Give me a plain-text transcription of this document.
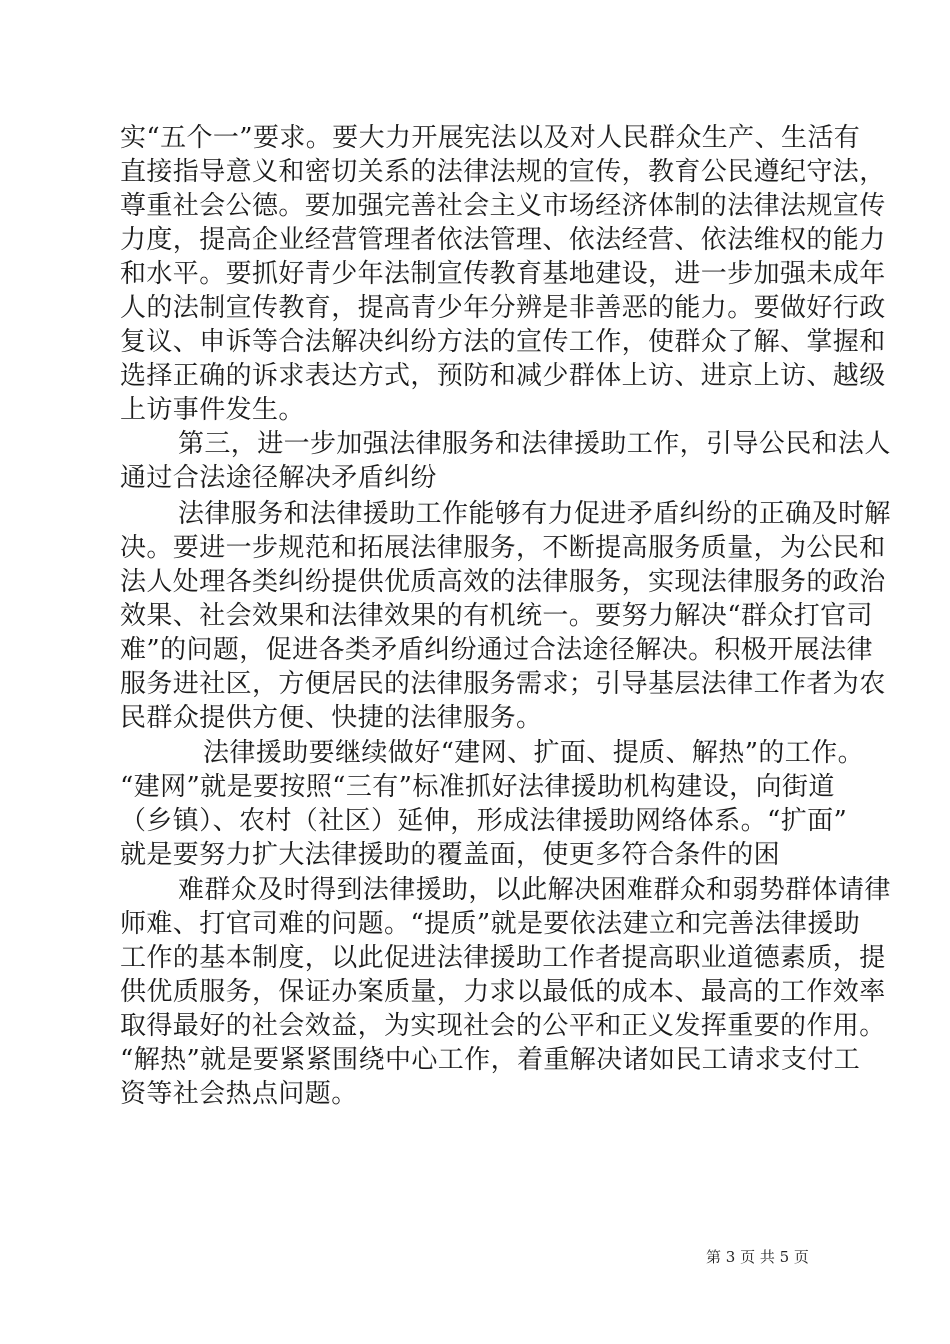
实“五个一”要求。要大力开展宪法以及对人民群众生产、生活有
直接指导意义和密切关系的法律法规的宣传，教育公民遵纪守法，
尊重社会公德。要加强完善社会主义市场经济体制的法律法规宣传
力度，提高企业经营管理者依法管理、依法经营、依法维权的能力
和水平。要抓好青少年法制宣传教育基地建设，进一步加强未成年
人的法制宣传教育，提高青少年分辨是非善恶的能力。要做好行政
复议、申诉等合法解决纠纷方法的宣传工作，使群众了解、掌握和
选择正确的诉求表达方式，预防和减少群体上访、进京上访、越级
上访事件发生。
第三，进一步加强法律服务和法律援助工作，引导公民和法人
通过合法途径解决矛盾纠纷
法律服务和法律援助工作能够有力促进矛盾纠纷的正确及时解
决。要进一步规范和拓展法律服务，不断提高服务质量，为公民和
法人处理各类纠纷提供优质高效的法律服务，实现法律服务的政治
效果、社会效果和法律效果的有机统一。要努力解决“群众打官司
难”的问题，促进各类矛盾纠纷通过合法途径解决。积极开展法律
服务进社区，方便居民的法律服务需求；引导基层法律工作者为农
民群众提供方便、快捷的法律服务。
法律援助要继续做好“建网、扩面、提质、解热”的工作。
“建网”就是要按照“三有”标准抓好法律援助机构建设，向街道
（乡镇）、农村（社区）延伸，形成法律援助网络体系。“扩面”
就是要努力扩大法律援助的覆盖面，使更多符合条件的困
难群众及时得到法律援助，以此解决困难群众和弱势群体请律
师难、打官司难的问题。“提质”就是要依法建立和完善法律援助
工作的基本制度，以此促进法律援助工作者提高职业道德素质，提
供优质服务，保证办案质量，力求以最低的成本、最高的工作效率
取得最好的社会效益，为实现社会的公平和正义发挥重要的作用。
“解热”就是要紧紧围绕中心工作，着重解决诸如民工请求支付工
资等社会热点问题。
第 3 页 共 5 页
